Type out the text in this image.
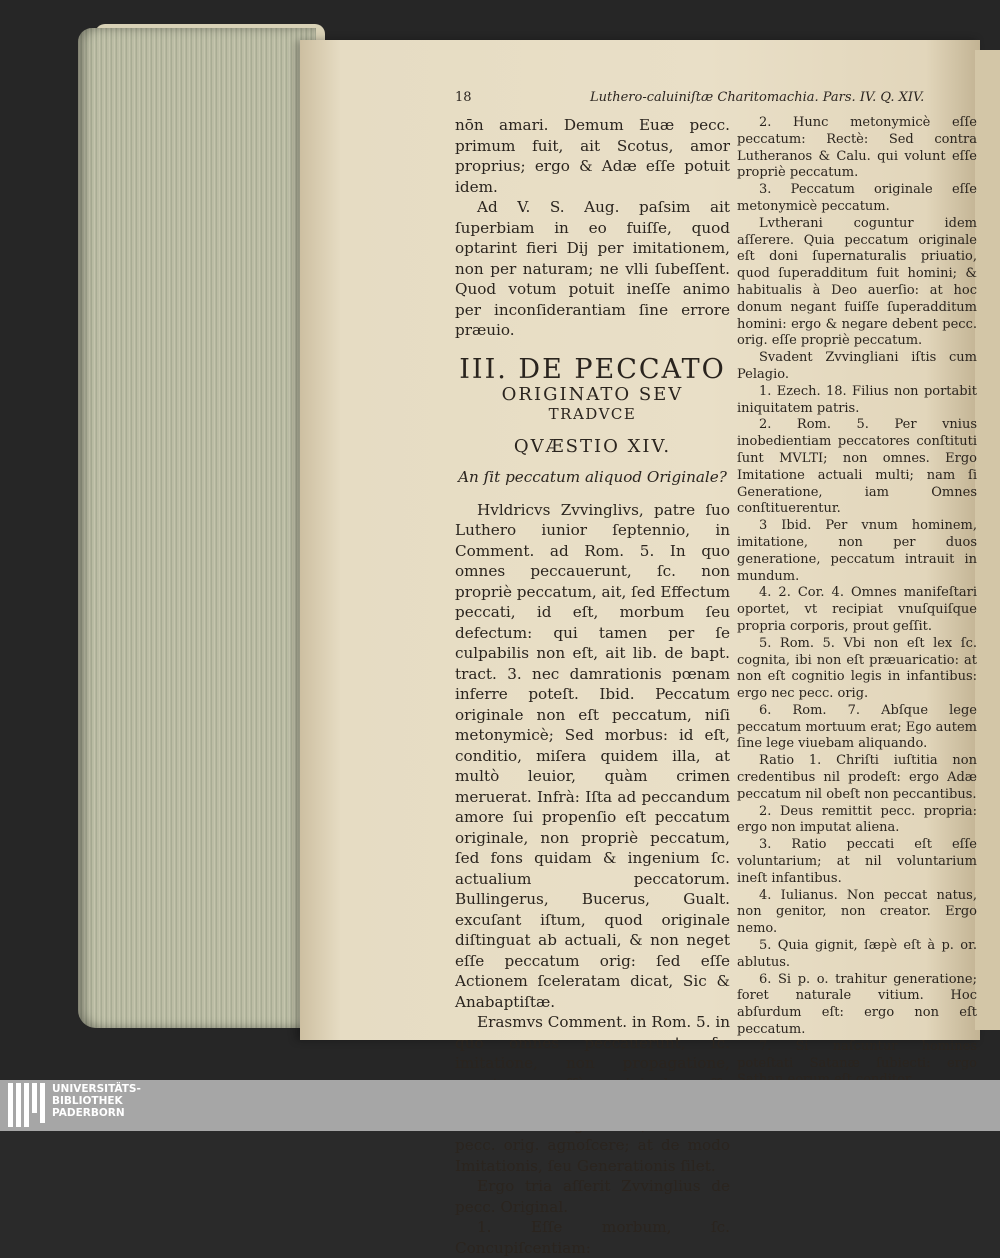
18	Luthero-caluiniſtæ Charitomachia. Pars. IV. Q. XIV.

nōn amari. Demum Euæ pecc. primum fuit, ait Scotus, amor proprius; ergo & Adæ eſſe potuit idem.

Ad V. S. Aug. paſsim ait ſuperbiam in eo fuiſſe, quod optarint fieri Dij per imitationem, non per naturam; ne vlli ſubeſſent. Quod votum potuit ineſſe animo per inconſiderantiam ſine errore præuio.

III. DE PECCATO

ORIGINATO SEV

TRADVCE

QVÆSTIO XIV.

An ſit peccatum aliquod Originale?

Hvldricvs Zvvinglivs, patre ſuo Luthero iunior ſeptennio, in Comment. ad Rom. 5. In quo omnes peccauerunt, ſc. non propriè peccatum, ait, ſed Effectum peccati, id eſt, morbum ſeu defectum: qui tamen per ſe culpabilis non eſt, ait lib. de bapt. tract. 3. nec damrationis pœnam inferre poteſt. Ibid. Peccatum originale non eſt peccatum, niſi metonymicè; Sed morbus: id eſt, conditio, miſera quidem illa, at multò leuior, quàm crimen meruerat. Infrà: Iſta ad peccandum amore ſui propenſio eſt peccatum originale, non propriè peccatum, ſed fons quidam & ingenium ſc. actualium peccatorum. Bullingerus, Bucerus, Gualt. excuſant iſtum, quod originale diſtinguat ab actuali, & non neget eſſe peccatum orig: ſed eſſe Actionem ſceleratam dicat, Sic & Anabaptiſtæ.

Erasmvs Comment. in Rom. 5. in quo omnes peccauerunt, ſc. imitatione, non propagatione, pecc. orig. agnoſcere; at de modo Imitationis, ſeu Generationis ſilet.

Ergo tria aſſerit Zvvinglius de pecc. Original.

1. Eſſe morbum, ſc. Concupiſcentiam:

2. Hunc metonymicè eſſe peccatum: Rectè: Sed contra Lutheranos & Calu. qui volunt eſſe propriè peccatum.

3. Peccatum originale eſſe metonymicè peccatum.

Lvtherani coguntur idem aſſerere. Quia peccatum originale eſt doni ſupernaturalis priuatio, quod ſuperadditum fuit homini; & habitualis à Deo auerſio: at hoc donum negant fuiſſe ſuperadditum homini: ergo & negare debent pecc. orig. eſſe propriè peccatum.

Svadent Zvvingliani iſtis cum Pelagio.

1. Ezech. 18. Filius non portabit iniquitatem patris.

2. Rom. 5. Per vnius inobedientiam peccatores conſtituti ſunt MVLTI; non omnes. Ergo Imitatione actuali multi; nam ſi Generatione, iam Omnes conſtituerentur.

3 Ibid. Per vnum hominem, imitatione, non per duos generatione, peccatum intrauit in mundum.

4. 2. Cor. 4. Omnes manifeſtari oportet, vt recipiat vnuſquiſque propria corporis, prout geſſit.

5. Rom. 5. Vbi non eſt lex ſc. cognita, ibi non eſt præuaricatio: at non eſt cognitio legis in infantibus: ergo nec pecc. orig.

6. Rom. 7. Abſque lege peccatum mortuum erat; Ego autem ſine lege viuebam aliquando.

Ratio 1. Chriſti iuſtitia non credentibus nil prodeſt: ergo Adæ peccatum nil obeſt non peccantibus.

2. Deus remittit pecc. propria: ergo non imputat aliena.

3. Ratio peccati eſt eſſe voluntarium; at nil voluntarium ineſt infantibus.

4. Iulianus. Non peccat natus, non genitor, non creator. Ergo nemo.

5. Quia gignit, ſæpè eſt à p. or. ablutus.

6. Si p. o. trahitur generatione; foret naturale vitium. Hoc abſurdum eſt: ergo non eſt peccatum.

7. Si naſcuntur homines poteſtati Satanæ ſubiecti: ergo

UNIVERSITÄTS-
BIBLIOTHEK
PADERBORN
